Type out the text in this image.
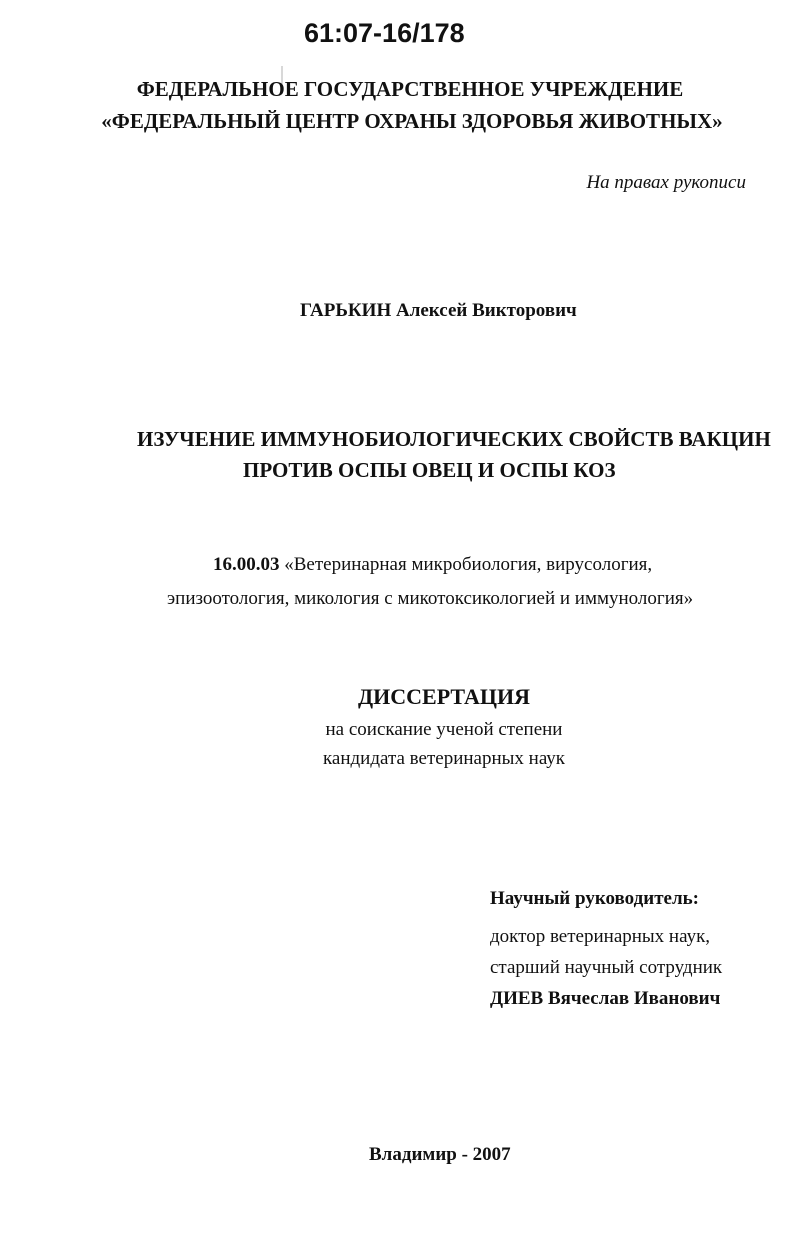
61:07-16/178
ФЕДЕРАЛЬНОЕ ГОСУДАРСТВЕННОЕ УЧРЕЖДЕНИЕ
«ФЕДЕРАЛЬНЫЙ ЦЕНТР ОХРАНЫ ЗДОРОВЬЯ ЖИВОТНЫХ»
На правах рукописи
ГАРЬКИН Алексей Викторович
ИЗУЧЕНИЕ ИММУНОБИОЛОГИЧЕСКИХ СВОЙСТВ ВАКЦИН
ПРОТИВ ОСПЫ ОВЕЦ И ОСПЫ КОЗ
16.00.03 «Ветеринарная микробиология, вирусология,
эпизоотология, микология с микотоксикологией и иммунология»
ДИССЕРТАЦИЯ
на соискание ученой степени
кандидата ветеринарных наук
Научный руководитель:
доктор ветеринарных наук,
старший научный сотрудник
ДИЕВ Вячеслав Иванович
Владимир - 2007
